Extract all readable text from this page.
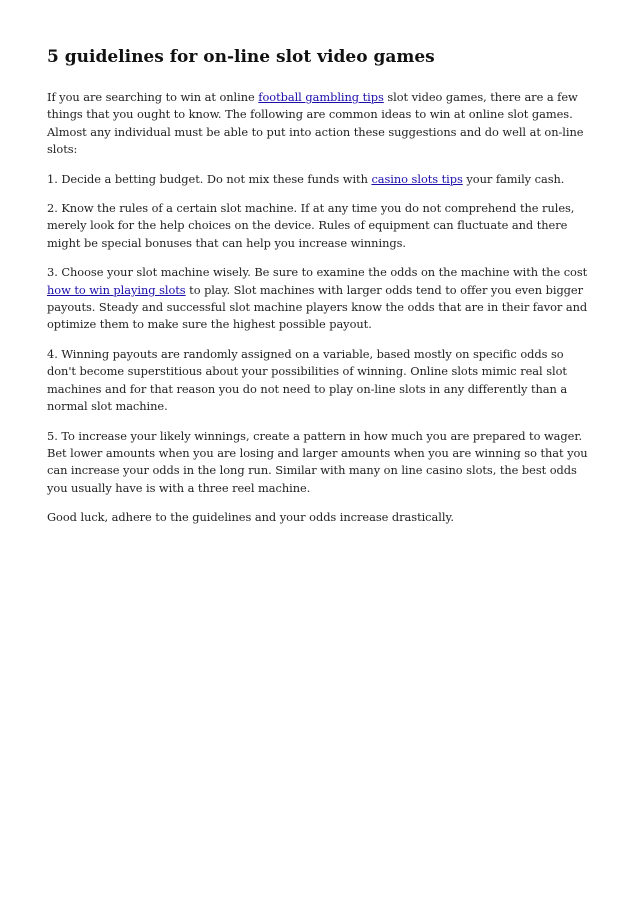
5 guidelines for on-line slot video games

If you are searching to win at online football gambling tips slot video games, there are a few things that you ought to know. The following are common ideas to win at online slot games. Almost any individual must be able to put into action these suggestions and do well at on-line slots:

1. Decide a betting budget. Do not mix these funds with casino slots tips your family cash.

2. Know the rules of a certain slot machine. If at any time you do not comprehend the rules, merely look for the help choices on the device. Rules of equipment can fluctuate and there might be special bonuses that can help you increase winnings.

3. Choose your slot machine wisely. Be sure to examine the odds on the machine with the cost how to win playing slots to play. Slot machines with larger odds tend to offer you even bigger payouts. Steady and successful slot machine players know the odds that are in their favor and optimize them to make sure the highest possible payout.

4. Winning payouts are randomly assigned on a variable, based mostly on specific odds so don't become superstitious about your possibilities of winning. Online slots mimic real slot machines and for that reason you do not need to play on-line slots in any differently than a normal slot machine.

5. To increase your likely winnings, create a pattern in how much you are prepared to wager. Bet lower amounts when you are losing and larger amounts when you are winning so that you can increase your odds in the long run. Similar with many on line casino slots, the best odds you usually have is with a three reel machine.

Good luck, adhere to the guidelines and your odds increase drastically.
